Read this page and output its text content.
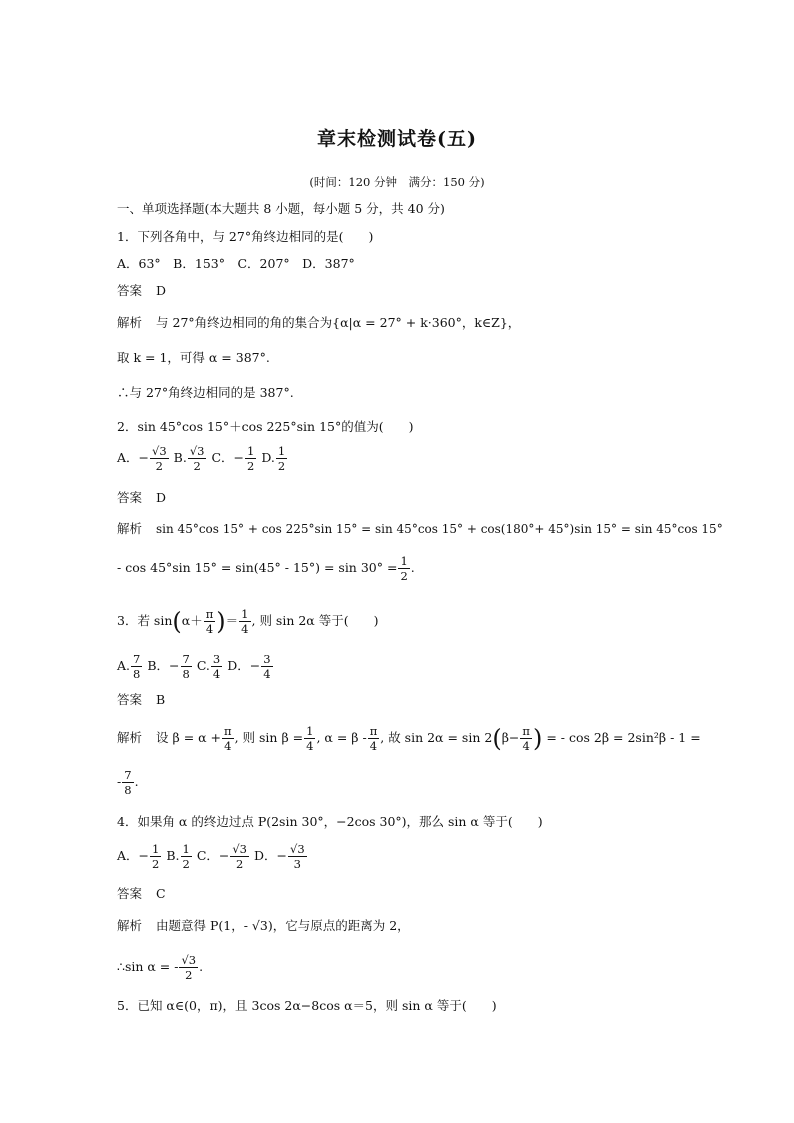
章末检测试卷(五)
(时间：120 分钟　满分：150 分)
一、单项选择题(本大题共 8 小题，每小题 5 分，共 40 分)
1．下列各角中，与 27°角终边相同的是(　　)
A．63°　B．153°　C．207°　D．387°
答案 D
解析 与 27°角终边相同的角的集合为{α|α = 27° + k·360°，k∈Z}，
取 k = 1，可得 α = 387°.
∴与 27°角终边相同的是 387°.
2．sin 45°cos 15°＋cos 225°sin 15°的值为(　　)
A．− $\frac{√3}{2} B$. $\frac{√3}{2}$ C．− $\frac{1}{2} D$. $\frac{1}{2}$
答案 D
解析 sin 45°cos 15° + cos 225°sin 15° = sin 45°cos 15° + cos(180°+ 45°)sin 15° = sin 45°cos 15°
- cos 45°sin $15^\circ = \sin(45^\circ - 15^\circ) = \sin 30^\circ = \frac{1}{2}$ .
3．若 $\sin(\alpha+ \frac{\pi}{4}$ )＝ $\frac{1}{4}$ , 则 sin 2α 等于(　　)
A. $\frac{7}{8}$ B．− $\frac{7}{8} C$. $\frac{3}{4}$ D．− $\frac{3}{4}$
答案 B
解析 设 $\beta = \alpha + \frac{\pi}{4}$ , 则 $\sin \beta = \frac{1}{4}$ , $\alpha = \beta - \frac{\pi}{4}$ , 故 $\sin 2\alpha = \sin 2(\beta- \frac{\pi}{4}$ ) = - cos 2β = 2sin²β - 1 =
- $\frac{7}{8}$ .
4．如果角 α 的终边过点 P(2sin 30°，−2cos 30°)，那么 sin α 等于(　　)
A．− $\frac{1}{2} B$. $\frac{1}{2}$ C．− $\frac{√3}{2}$ D．− $\frac{√3}{3}$
答案 C
解析 由题意得 P(1，- √3)，它与原点的距离为 2，
∴sin α = - $\frac{√3}{2}$ .
5．已知 α∈(0，π)，且 3cos 2α−8cos α＝5，则 sin α 等于(　　)
